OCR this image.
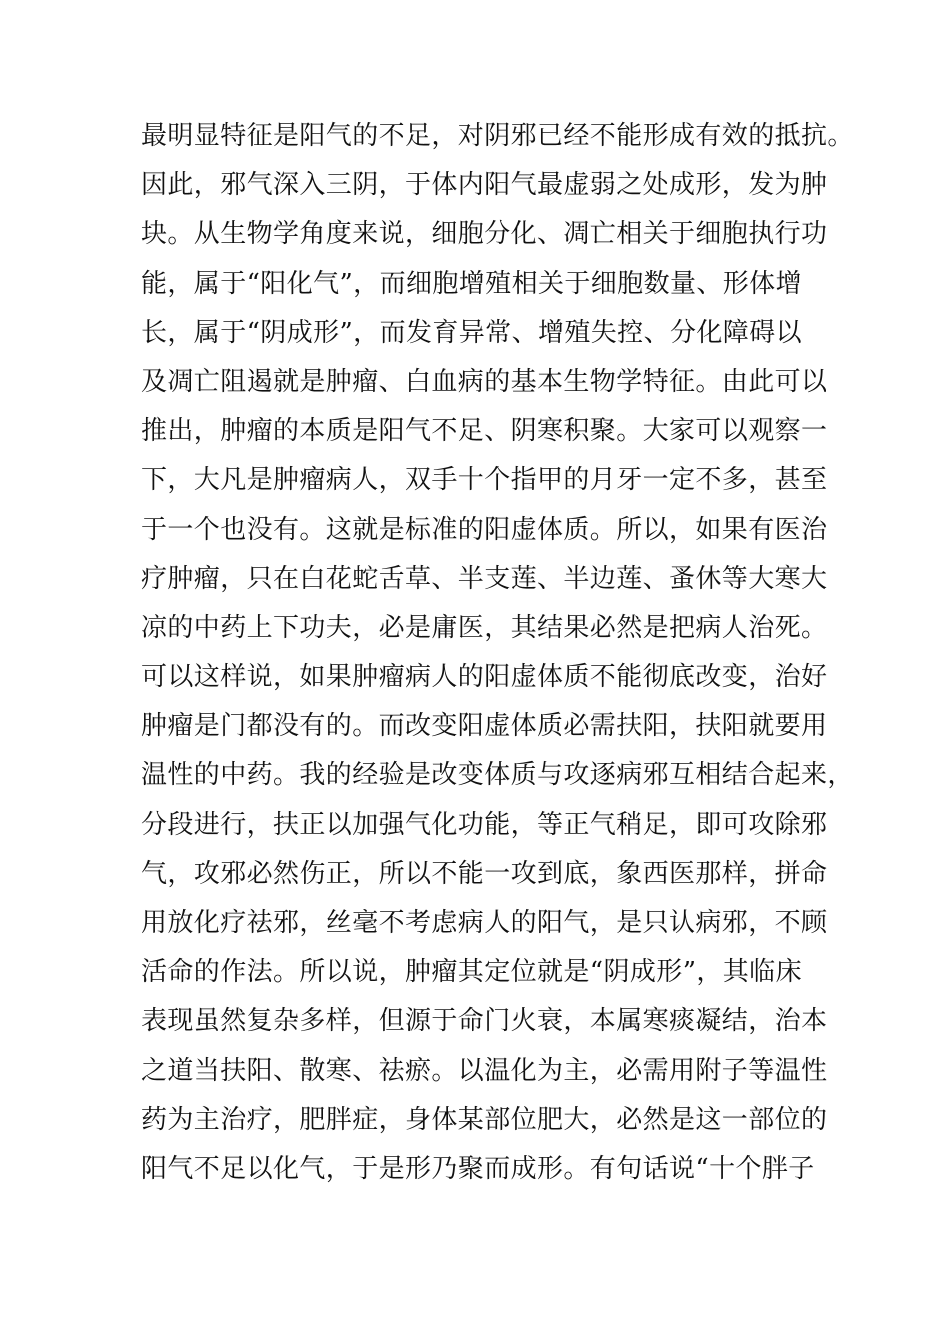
最明显特征是阳气的不足，对阴邪已经不能形成有效的抵抗。
因此，邪气深入三阴，于体内阳气最虚弱之处成形，发为肿
块。从生物学角度来说，细胞分化、凋亡相关于细胞执行功
能，属于“阳化气”，而细胞增殖相关于细胞数量、形体增
长，属于“阴成形”，而发育异常、增殖失控、分化障碍以
及凋亡阻遏就是肿瘤、白血病的基本生物学特征。由此可以
推出，肿瘤的本质是阳气不足、阴寒积聚。大家可以观察一
下，大凡是肿瘤病人，双手十个指甲的月牙一定不多，甚至
于一个也没有。这就是标准的阳虚体质。所以，如果有医治
疗肿瘤，只在白花蛇舌草、半支莲、半边莲、蚤休等大寒大
凉的中药上下功夫，必是庸医，其结果必然是把病人治死。
可以这样说，如果肿瘤病人的阳虚体质不能彻底改变，治好
肿瘤是门都没有的。而改变阳虚体质必需扶阳，扶阳就要用
温性的中药。我的经验是改变体质与攻逐病邪互相结合起来，
分段进行，扶正以加强气化功能，等正气稍足，即可攻除邪
气，攻邪必然伤正，所以不能一攻到底，象西医那样，拼命
用放化疗祛邪，丝毫不考虑病人的阳气，是只认病邪，不顾
活命的作法。所以说，肿瘤其定位就是“阴成形”，其临床
表现虽然复杂多样，但源于命门火衰，本属寒痰凝结，治本
之道当扶阳、散寒、祛瘀。以温化为主，必需用附子等温性
药为主治疗，肥胖症，身体某部位肥大，必然是这一部位的
阳气不足以化气，于是形乃聚而成形。有句话说“十个胖子
